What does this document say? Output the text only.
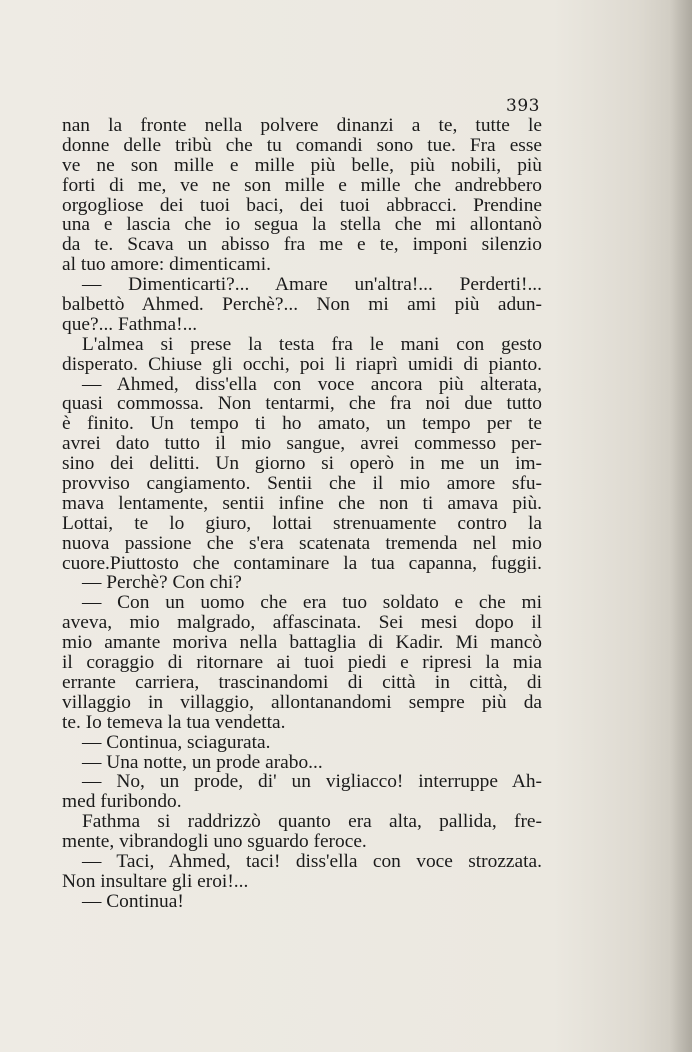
393
nan la fronte nella polvere dinanzi a te, tutte le
donne delle tribù che tu comandi sono tue. Fra esse
ve ne son mille e mille più belle, più nobili, più
forti di me, ve ne son mille e mille che andrebbero
orgogliose dei tuoi baci, dei tuoi abbracci. Prendine
una e lascia che io segua la stella che mi allontanò
da te. Scava un abisso fra me e te, imponi silenzio
al tuo amore: dimenticami.
— Dimenticarti?... Amare un'altra!... Perderti!...
balbettò Ahmed. Perchè?... Non mi ami più adun-
que?... Fathma!...
L'almea si prese la testa fra le mani con gesto
disperato. Chiuse gli occhi, poi li riaprì umidi di pianto.
— Ahmed, diss'ella con voce ancora più alterata,
quasi commossa. Non tentarmi, che fra noi due tutto
è finito. Un tempo ti ho amato, un tempo per te
avrei dato tutto il mio sangue, avrei commesso per-
sino dei delitti. Un giorno si operò in me un im-
provviso cangiamento. Sentii che il mio amore sfu-
mava lentamente, sentii infine che non ti amava più.
Lottai, te lo giuro, lottai strenuamente contro la
nuova passione che s'era scatenata tremenda nel mio
cuore.Piuttosto che contaminare la tua capanna, fuggii.
— Perchè? Con chi?
— Con un uomo che era tuo soldato e che mi
aveva, mio malgrado, affascinata. Sei mesi dopo il
mio amante moriva nella battaglia di Kadir. Mi mancò
il coraggio di ritornare ai tuoi piedi e ripresi la mia
errante carriera, trascinandomi di città in città, di
villaggio in villaggio, allontanandomi sempre più da
te. Io temeva la tua vendetta.
— Continua, sciagurata.
— Una notte, un prode arabo...
— No, un prode, di' un vigliacco! interruppe Ah-
med furibondo.
Fathma si raddrizzò quanto era alta, pallida, fre-
mente, vibrandogli uno sguardo feroce.
— Taci, Ahmed, taci! diss'ella con voce strozzata.
Non insultare gli eroi!...
— Continua!
